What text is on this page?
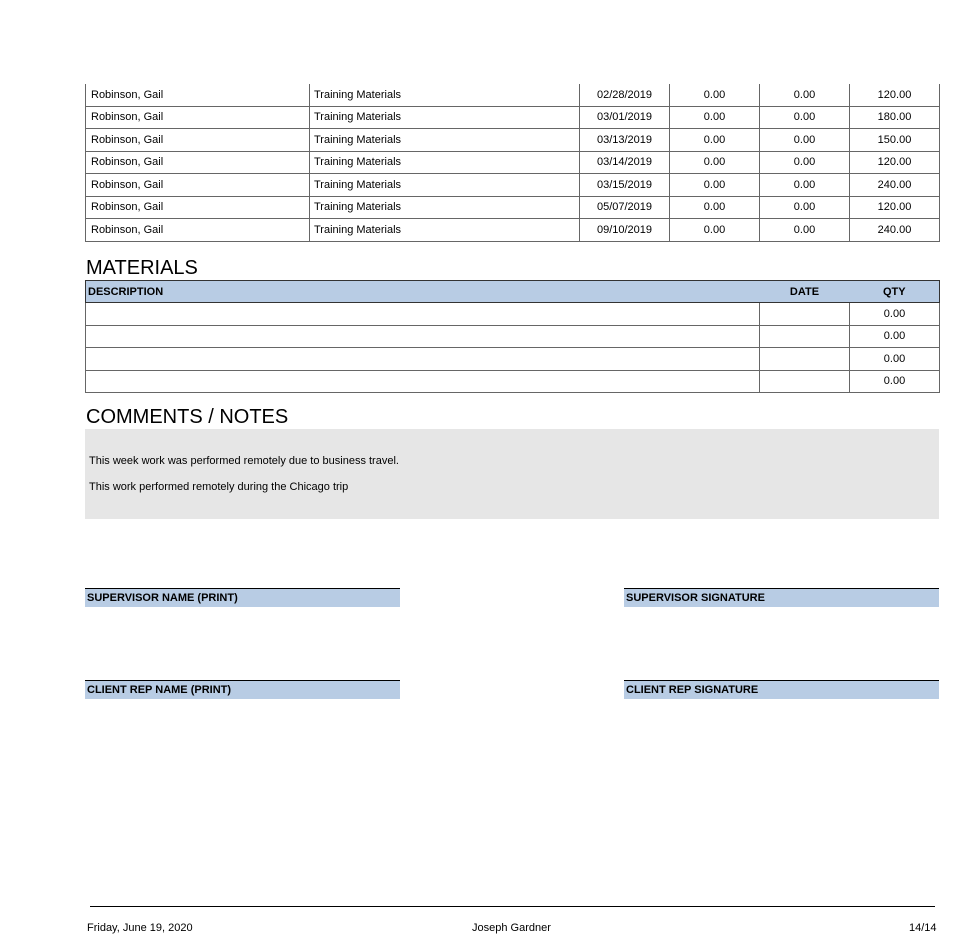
Robinson, Gail	Training Materials	02/28/2019	0.00	0.00	120.00
Robinson, Gail	Training Materials	03/01/2019	0.00	0.00	180.00
Robinson, Gail	Training Materials	03/13/2019	0.00	0.00	150.00
Robinson, Gail	Training Materials	03/14/2019	0.00	0.00	120.00
Robinson, Gail	Training Materials	03/15/2019	0.00	0.00	240.00
Robinson, Gail	Training Materials	05/07/2019	0.00	0.00	120.00
Robinson, Gail	Training Materials	09/10/2019	0.00	0.00	240.00
MATERIALS
DESCRIPTION	DATE	QTY
		0.00
		0.00
		0.00
		0.00
COMMENTS / NOTES

This week work was performed remotely due to business travel.

This work performed remotely during the Chicago trip

SUPERVISOR NAME (PRINT)	SUPERVISOR SIGNATURE
CLIENT REP NAME (PRINT)	CLIENT REP SIGNATURE
Friday, June 19, 2020	Joseph Gardner	14/14
